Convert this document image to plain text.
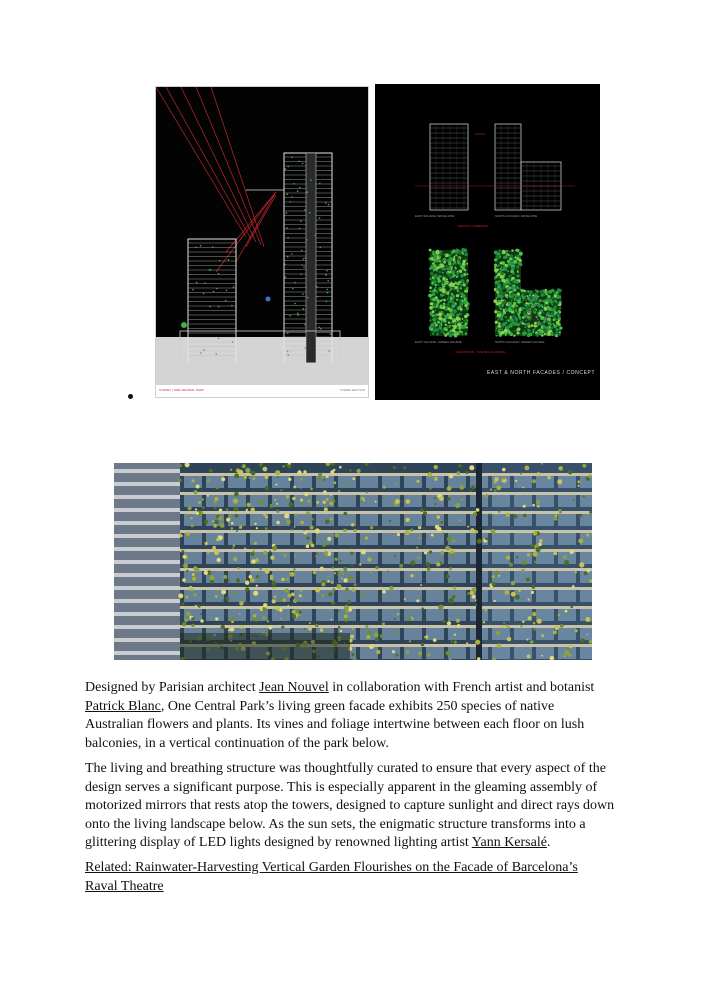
SYDNEY | ONE CENTRAL PARK	TOWER SECTION
EAST FACADE / ENVELOPE	NORTH FACADE / ENVELOPE
VERTICAL GREENING
EAST FACADE / GREEN FACADE	NORTH FACADE / GREEN FACADE
VEGETATION - SPECIES PLANNING
EAST & NORTH FACADES / CONCEPT

Designed by Parisian architect Jean Nouvel in collaboration with French artist and botanist
Patrick Blanc, One Central Park’s living green facade exhibits 250 species of native
Australian flowers and plants. Its vines and foliage intertwine between each floor on lush
balconies, in a vertical continuation of the park below.

The living and breathing structure was thoughtfully curated to ensure that every aspect of the
design serves a significant purpose. This is especially apparent in the gleaming assembly of
motorized mirrors that rests atop the towers, designed to capture sunlight and direct rays down
onto the living landscape below. As the sun sets, the enigmatic structure transforms into a
glittering display of LED lights designed by renowned lighting artist Yann Kersalé.

Related: Rainwater-Harvesting Vertical Garden Flourishes on the Facade of Barcelona’s
Raval Theatre
